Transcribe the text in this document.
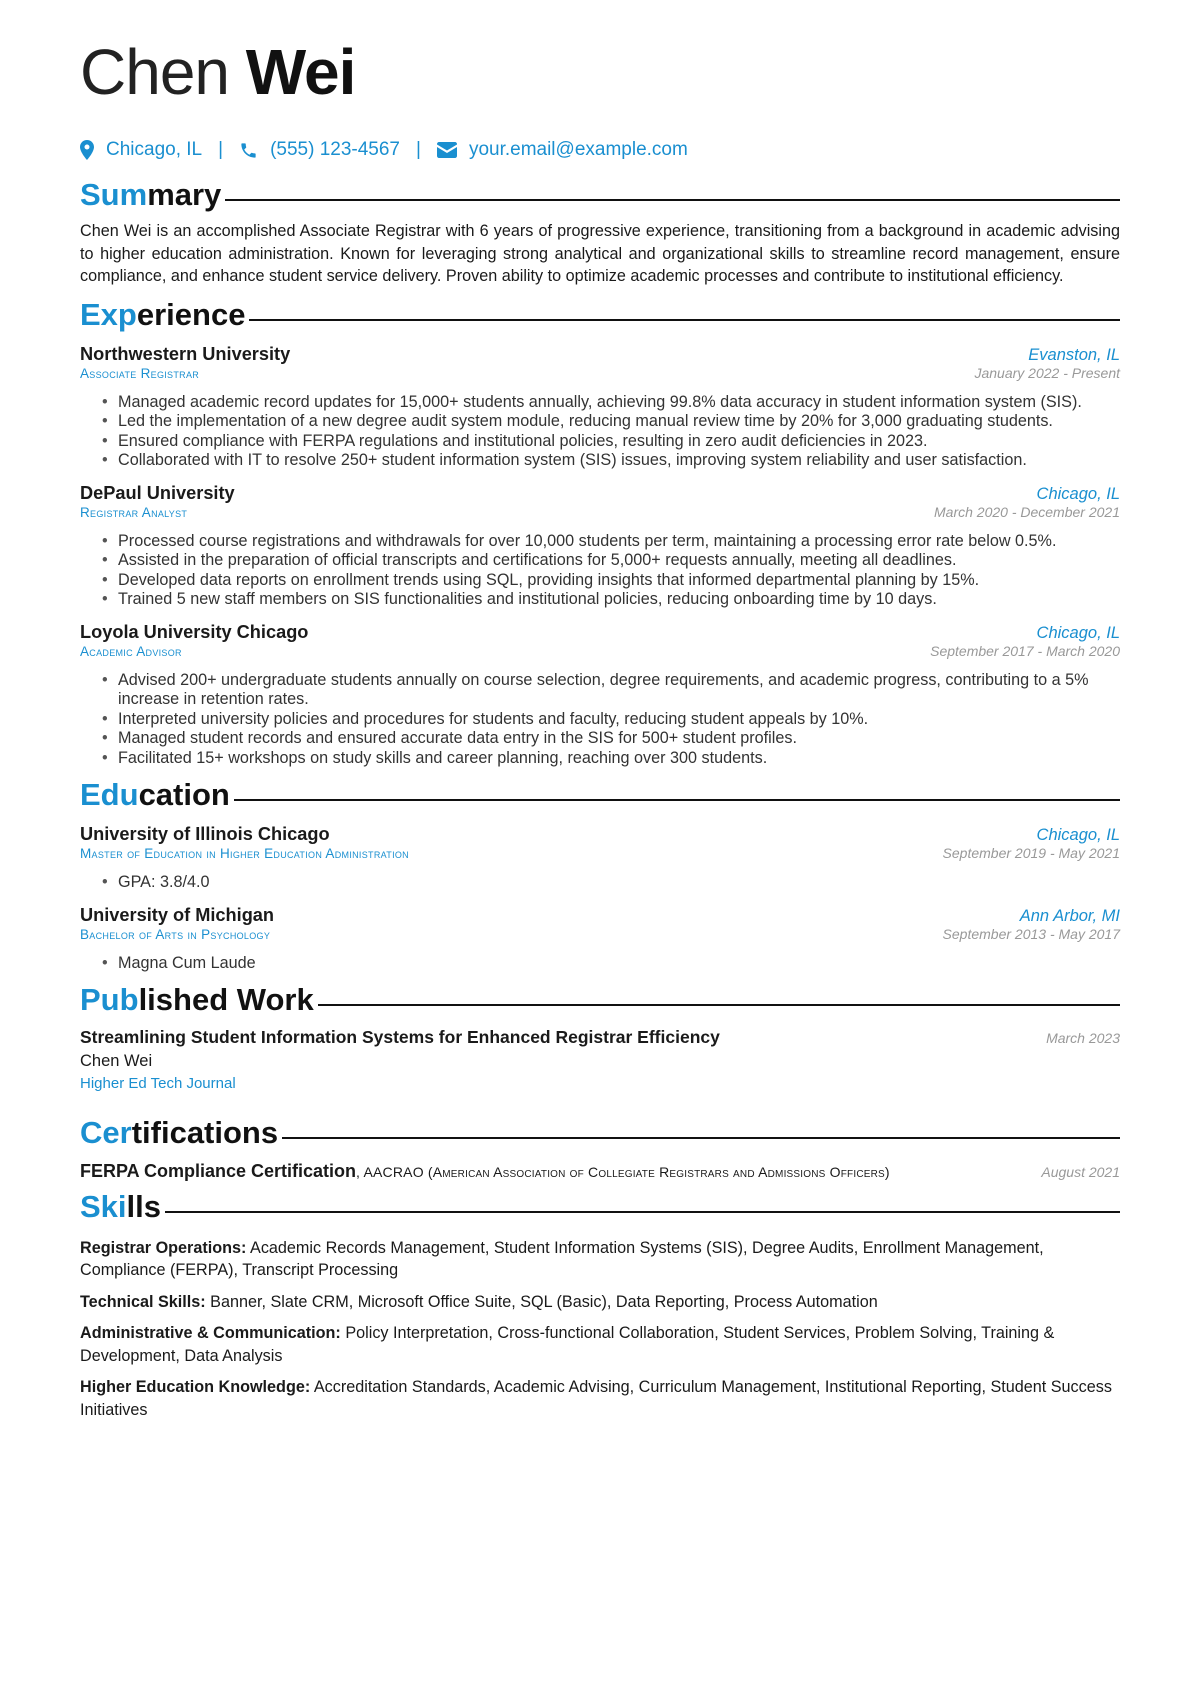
Chen Wei
Chicago, IL | (555) 123-4567 |	your.email@example.com
Summary

Chen Wei is an accomplished Associate Registrar with 6 years of progressive experience, transitioning from a background in academic advising to higher education administration. Known for leveraging strong analytical and organizational skills to streamline record management, ensure compliance, and enhance student service delivery. Proven ability to optimize academic processes and contribute to institutional efficiency.

Experience
Northwestern University	Evanston, IL
Associate Registrar	January 2022 - Present
• Managed academic record updates for 15,000+ students annually, achieving 99.8% data accuracy in student information system (SIS).
• Led the implementation of a new degree audit system module, reducing manual review time by 20% for 3,000 graduating students.
• Ensured compliance with FERPA regulations and institutional policies, resulting in zero audit deficiencies in 2023.
• Collaborated with IT to resolve 250+ student information system (SIS) issues, improving system reliability and user satisfaction.
DePaul University	Chicago, IL
Registrar Analyst	March 2020 - December 2021
• Processed course registrations and withdrawals for over 10,000 students per term, maintaining a processing error rate below 0.5%.
• Assisted in the preparation of official transcripts and certifications for 5,000+ requests annually, meeting all deadlines.
• Developed data reports on enrollment trends using SQL, providing insights that informed departmental planning by 15%.
• Trained 5 new staff members on SIS functionalities and institutional policies, reducing onboarding time by 10 days.
Loyola University Chicago	Chicago, IL
Academic Advisor	September 2017 - March 2020
• Advised 200+ undergraduate students annually on course selection, degree requirements, and academic progress, contributing to a 5% increase in retention rates.
• Interpreted university policies and procedures for students and faculty, reducing student appeals by 10%.
• Managed student records and ensured accurate data entry in the SIS for 500+ student profiles.
• Facilitated 15+ workshops on study skills and career planning, reaching over 300 students.
Education
University of Illinois Chicago	Chicago, IL
Master of Education in Higher Education Administration	September 2019 - May 2021
• GPA: 3.8/4.0
University of Michigan	Ann Arbor, MI
Bachelor of Arts in Psychology	September 2013 - May 2017
• Magna Cum Laude
Published Work
Streamlining Student Information Systems for Enhanced Registrar Efficiency	March 2023
Chen Wei
Higher Ed Tech Journal
Certifications
FERPA Compliance Certification, AACRAO (American Association of Collegiate Registrars and Admissions Officers)	August 2021
Skills
Registrar Operations: Academic Records Management, Student Information Systems (SIS), Degree Audits, Enrollment Management, Compliance (FERPA), Transcript Processing
Technical Skills: Banner, Slate CRM, Microsoft Office Suite, SQL (Basic), Data Reporting, Process Automation
Administrative & Communication: Policy Interpretation, Cross-functional Collaboration, Student Services, Problem Solving, Training & Development, Data Analysis
Higher Education Knowledge: Accreditation Standards, Academic Advising, Curriculum Management, Institutional Reporting, Student Success Initiatives
